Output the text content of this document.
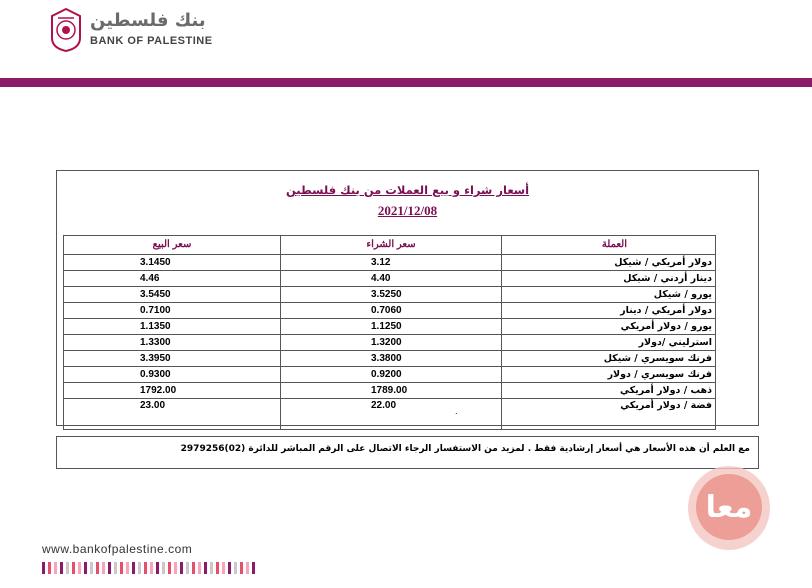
بنك فلسطين
BANK OF PALESTINE
أسعار شراء و بيع العملات من بنك فلسطين
2021/12/08
سعر البيع	سعر الشراء	العملة
3.1450	3.12	دولار أمريكي / شيكل
4.46	4.40	دينار أردني / شيكل
3.5450	3.5250	يورو / شيكل
0.7100	0.7060	دولار أمريكي / دينار
1.1350	1.1250	يورو / دولار أمريكي
1.3300	1.3200	استرليني /دولار
3.3950	3.3800	فرنك سويسري / شيكل
0.9300	0.9200	فرنك سويسري / دولار
1792.00	1789.00	ذهب / دولار أمريكي
23.00	22.00	فضة / دولار أمريكي
.
مع العلم أن هذه الأسعار هي أسعار إرشادية فقط . لمزيد من الاستفسار الرجاء الاتصال على الرقم المباشر للدائرة (02)2979256
www.bankofpalestine.com
معا
